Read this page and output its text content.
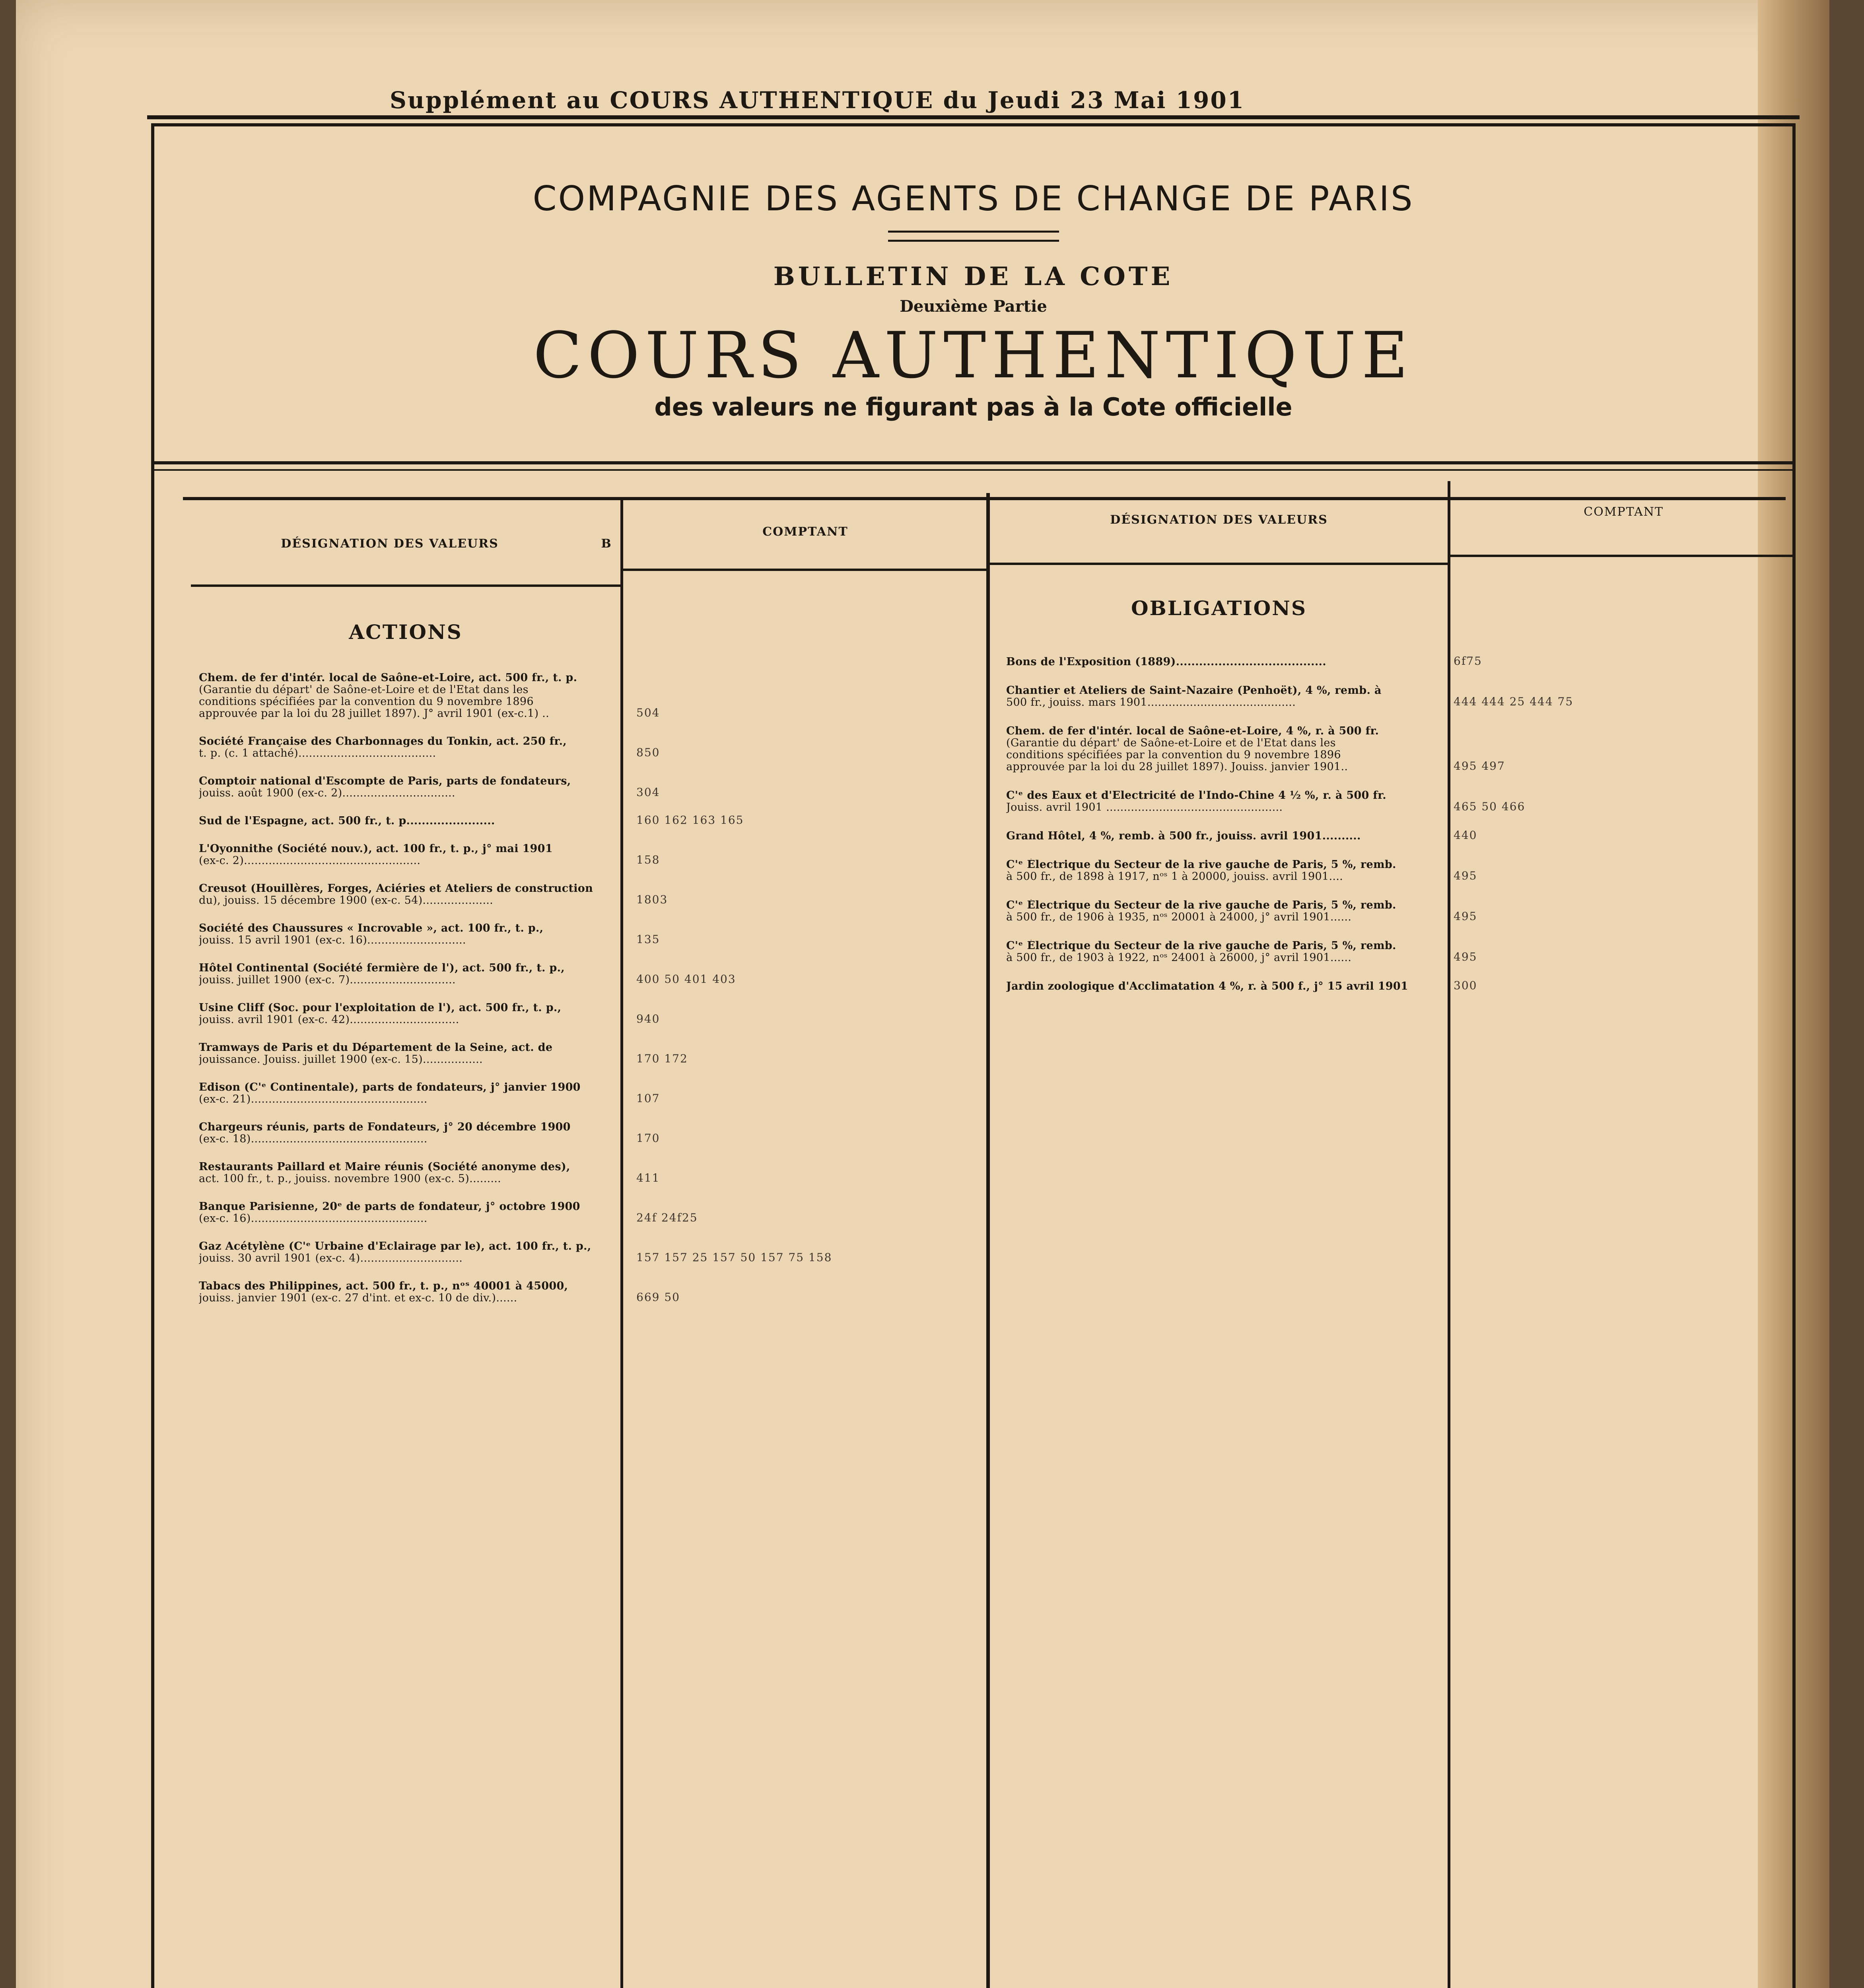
Supplément au COURS AUTHENTIQUE du Jeudi 23 Mai 1901
COMPAGNIE DES AGENTS DE CHANGE DE PARIS
BULLETIN DE LA COTE
Deuxième Partie
COURS AUTHENTIQUE
des valeurs ne figurant pas à la Cote officielle
DÉSIGNATION DES VALEURS	B
COMPTANT
DÉSIGNATION DES VALEURS
COMPTANT
ACTIONS
OBLIGATIONS
Chem. de fer d'intér. local de Saône-et-Loire, act. 500 fr., t. p.
(Garantie du départ' de Saône-et-Loire et de l'Etat dans les
conditions spécifiées par la convention du 9 novembre 1896
approuvée par la loi du 28 juillet 1897). J° avril 1901 (ex-c.1) ..	504
Société Française des Charbonnages du Tonkin, act. 250 fr.,
t. p. (c. 1 attaché).......................................	850
Comptoir national d'Escompte de Paris, parts de fondateurs,
jouiss. août 1900 (ex-c. 2)................................	304
Sud de l'Espagne, act. 500 fr., t. p.......................	160 162 163 165
L'Oyonnithe (Société nouv.), act. 100 fr., t. p., j° mai 1901
(ex-c. 2)..................................................	158
Creusot (Houillères, Forges, Aciéries et Ateliers de construction
du), jouiss. 15 décembre 1900 (ex-c. 54)....................	1803
Société des Chaussures « Incrovable », act. 100 fr., t. p.,
jouiss. 15 avril 1901 (ex-c. 16)............................	135
Hôtel Continental (Société fermière de l'), act. 500 fr., t. p.,
jouiss. juillet 1900 (ex-c. 7)..............................	400 50 401 403
Usine Cliff (Soc. pour l'exploitation de l'), act. 500 fr., t. p.,
jouiss. avril 1901 (ex-c. 42)...............................	940
Tramways de Paris et du Département de la Seine, act. de
jouissance. Jouiss. juillet 1900 (ex-c. 15).................	170 172
Edison (C'ᵉ Continentale), parts de fondateurs, j° janvier 1900
(ex-c. 21)..................................................	107
Chargeurs réunis, parts de Fondateurs, j° 20 décembre 1900
(ex-c. 18)..................................................	170
Restaurants Paillard et Maire réunis (Société anonyme des),
act. 100 fr., t. p., jouiss. novembre 1900 (ex-c. 5).........	411
Banque Parisienne, 20ᵉ de parts de fondateur, j° octobre 1900
(ex-c. 16)..................................................	24f 24f25
Gaz Acétylène (C'ᵉ Urbaine d'Eclairage par le), act. 100 fr., t. p.,
jouiss. 30 avril 1901 (ex-c. 4).............................	157 157 25 157 50 157 75 158
Tabacs des Philippines, act. 500 fr., t. p., nᵒˢ 40001 à 45000,
jouiss. janvier 1901 (ex-c. 27 d'int. et ex-c. 10 de div.)......	669 50
Bons de l'Exposition (1889).......................................	6f75
Chantier et Ateliers de Saint-Nazaire (Penhoët), 4 %, remb. à
500 fr., jouiss. mars 1901..........................................	444 444 25 444 75
Chem. de fer d'intér. local de Saône-et-Loire, 4 %, r. à 500 fr.
(Garantie du départ' de Saône-et-Loire et de l'Etat dans les
conditions spécifiées par la convention du 9 novembre 1896
approuvée par la loi du 28 juillet 1897). Jouiss. janvier 1901..	495 497
C'ᵉ des Eaux et d'Electricité de l'Indo-Chine 4 ½ %, r. à 500 fr.
Jouiss. avril 1901 ..................................................	465 50 466
Grand Hôtel, 4 %, remb. à 500 fr., jouiss. avril 1901..........	440
C'ᵉ Électrique du Secteur de la rive gauche de Paris, 5 %, remb.
à 500 fr., de 1898 à 1917, nᵒˢ 1 à 20000, jouiss. avril 1901....	495
C'ᵉ Électrique du Secteur de la rive gauche de Paris, 5 %, remb.
à 500 fr., de 1906 à 1935, nᵒˢ 20001 à 24000, j° avril 1901......	495
C'ᵉ Électrique du Secteur de la rive gauche de Paris, 5 %, remb.
à 500 fr., de 1903 à 1922, nᵒˢ 24001 à 26000, j° avril 1901......	495
Jardin zoologique d'Acclimatation 4 %, r. à 500 f., j° 15 avril 1901	300
